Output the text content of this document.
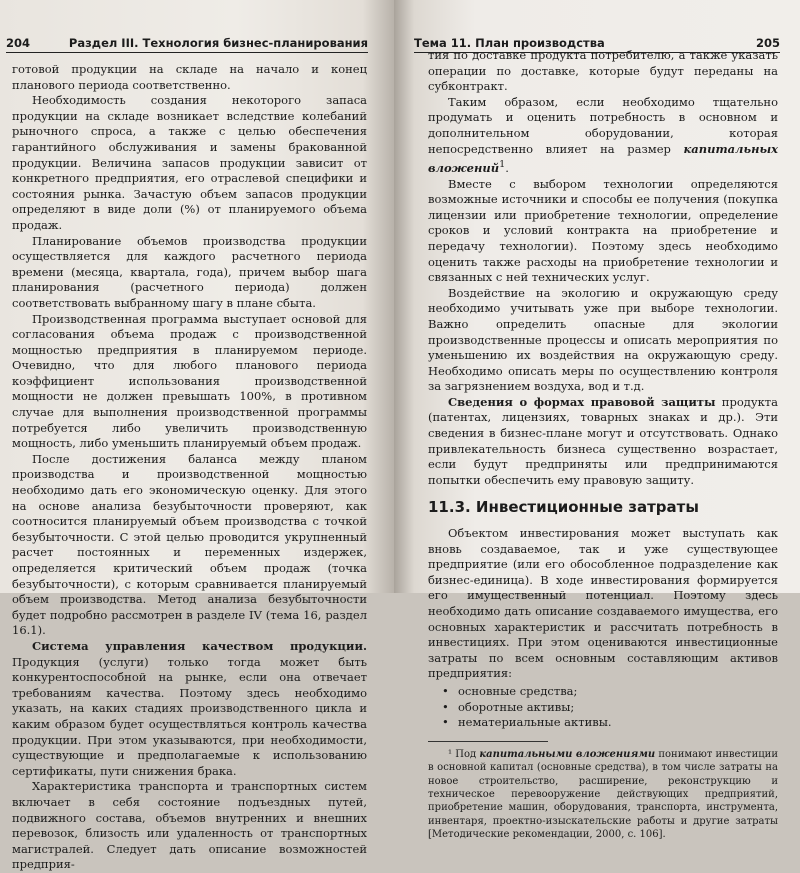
204	Раздел III. Технология бизнес-планирования

готовой продукции на складе на начало и конец планового периода соответственно.

Необходимость создания некоторого запаса продукции на складе возникает вследствие колебаний рыночного спроса, а также с целью обеспечения гарантийного обслуживания и замены бракованной продукции. Величина запасов продукции зависит от конкретного предприятия, его отраслевой специфики и состояния рынка. Зачастую объем запасов продукции определяют в виде доли (%) от планируемого объема продаж.

Планирование объемов производства продукции осуществляется для каждого расчетного периода времени (месяца, квартала, года), причем выбор шага планирования (расчетного периода) должен соответствовать выбранному шагу в плане сбыта.

Производственная программа выступает основой для согласования объема продаж с производственной мощностью предприятия в планируемом периоде. Очевидно, что для любого планового периода коэффициент использования производственной мощности не должен превышать 100%, в противном случае для выполнения производственной программы потребуется либо увеличить производственную мощность, либо уменьшить планируемый объем продаж.

После достижения баланса между планом производства и производственной мощностью необходимо дать его экономическую оценку. Для этого на основе анализа безубыточности проверяют, как соотносится планируемый объем производства с точкой безубыточности. С этой целью проводится укрупненный расчет постоянных и переменных издержек, определяется критический объем продаж (точка безубыточности), с которым сравнивается планируемый объем производства. Метод анализа безубыточности будет подробно рассмотрен в разделе IV (тема 16, раздел 16.1).

Система управления качеством продукции. Продукция (услуги) только тогда может быть конкурентоспособной на рынке, если она отвечает требованиям качества. Поэтому здесь необходимо указать, на каких стадиях производственного цикла и каким образом будет осуществляться контроль качества продукции. При этом указываются, при необходимости, существующие и предполагаемые к использованию сертификаты, пути снижения брака.

Характеристика транспорта и транспортных систем включает в себя состояние подъездных путей, подвижного состава, объемов внутренних и внешних перевозок, близость или удаленность от транспортных магистралей. Следует дать описание возможностей предприя-

Тема 11. План производства	205

тия по доставке продукта потребителю, а также указать операции по доставке, которые будут переданы на субконтракт.

Таким образом, если необходимо тщательно продумать и оценить потребность в основном и дополнительном оборудовании, которая непосредственно влияет на размер капитальных вложений$^1$.

Вместе с выбором технологии определяются возможные источники и способы ее получения (покупка лицензии или приобретение технологии, определение сроков и условий контракта на приобретение и передачу технологии). Поэтому здесь необходимо оценить также расходы на приобретение технологии и связанных с ней технических услуг.

Воздействие на экологию и окружающую среду необходимо учитывать уже при выборе технологии. Важно определить опасные для экологии производственные процессы и описать мероприятия по уменьшению их воздействия на окружающую среду. Необходимо описать меры по осуществлению контроля за загрязнением воздуха, вод и т.д.

Сведения о формах правовой защиты продукта (патентах, лицензиях, товарных знаках и др.). Эти сведения в бизнес-плане могут и отсутствовать. Однако привлекательность бизнеса существенно возрастает, если будут предприняты или предпринимаются попытки обеспечить ему правовую защиту.

11.3. Инвестиционные затраты

Объектом инвестирования может выступать как вновь создаваемое, так и уже существующее предприятие (или его обособленное подразделение как бизнес-единица). В ходе инвестирования формируется его имущественный потенциал. Поэтому здесь необходимо дать описание создаваемого имущества, его основных характеристик и рассчитать потребность в инвестициях. При этом оцениваются инвестиционные затраты по всем основным составляющим активов предприятия:

• основные средства;
• оборотные активы;
• нематериальные активы.

¹ Под капитальными вложениями понимают инвестиции в основной капитал (основные средства), в том числе затраты на новое строительство, расширение, реконструкцию и техническое перевооружение действующих предприятий, приобретение машин, оборудования, транспорта, инструмента, инвентаря, проектно-изыскательские работы и другие затраты [Методические рекомендации, 2000, с. 106].
